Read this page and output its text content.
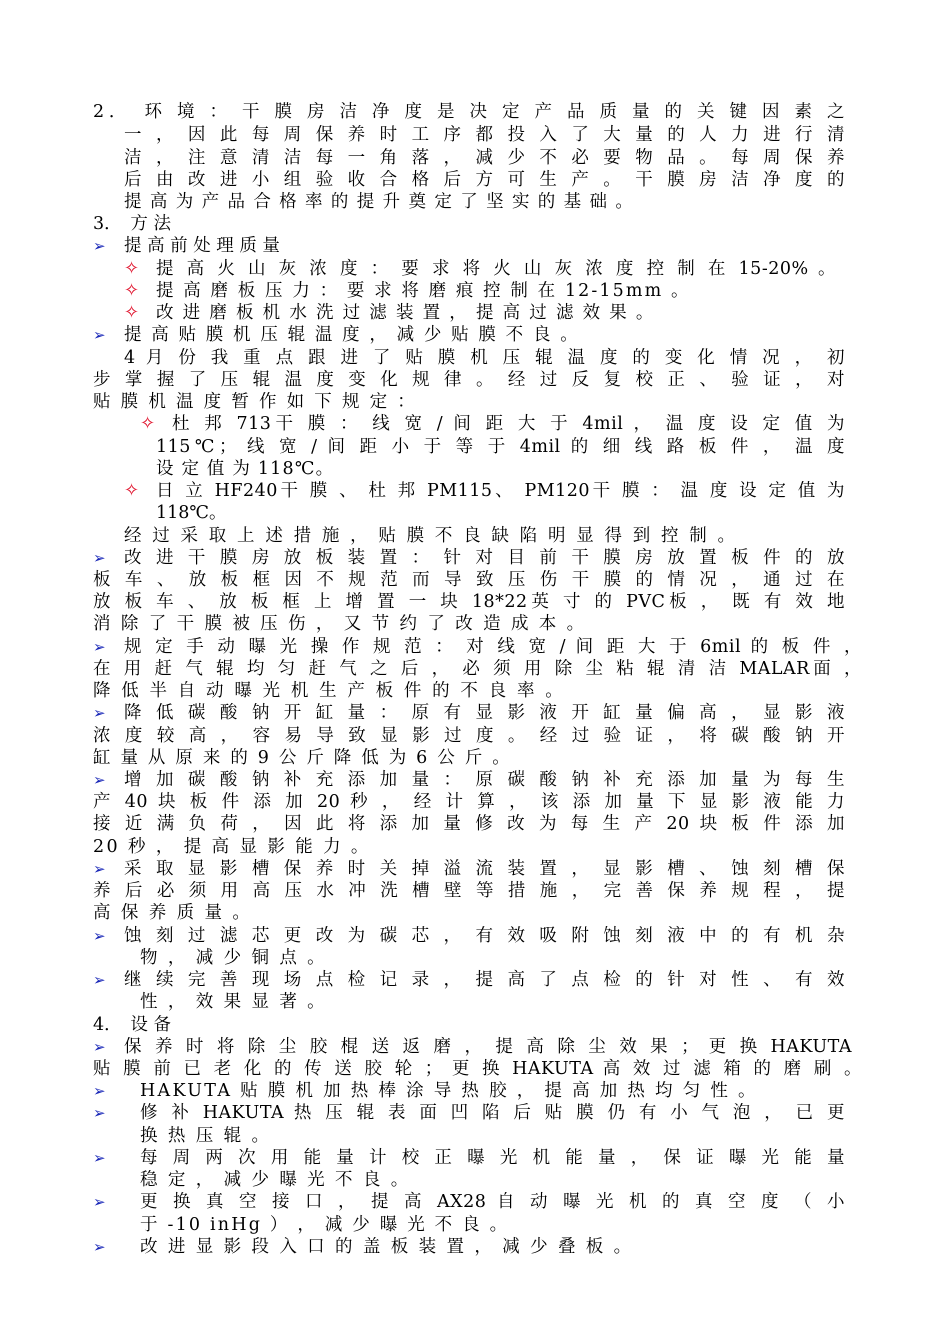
2．　环 境 ： 干 膜 房 洁 净 度 是 决 定 产 品 质 量 的 关 键 因 素 之
一 ， 因 此 每 周 保 养 时 工 序 都 投 入 了 大 量 的 人 力 进 行 清
洁 ， 注 意 清 洁 每 一 角 落 ， 减 少 不 必 要 物 品 。 每 周 保 养
后 由 改 进 小 组 验 收 合 格 后 方 可 生 产 。 干 膜 房 洁 净 度 的
提 高 为 产 品 合 格 率 的 提 升 奠 定 了 坚 实 的 基 础 。
3．　方 法

➢

提 高 前 处 理 质 量

✧

提 高 火 山 灰 浓 度 ： 要 求 将 火 山 灰 浓 度 控 制 在 15-20% 。

✧

提 高 磨 板 压 力 ： 要 求 将 磨 痕 控 制 在 12-15mm 。

✧

改 进 磨 板 机 水 洗 过 滤 装 置 ， 提 高 过 滤 效 果 。

➢

提 高 贴 膜 机 压 辊 温 度 ， 减 少 贴 膜 不 良 。

4 月 份 我 重 点 跟 进 了 贴 膜 机 压 辊 温 度 的 变 化 情 况 ， 初
步 掌 握 了 压 辊 温 度 变 化 规 律 。 经 过 反 复 校 正 、 验 证 ， 对
贴 膜 机 温 度 暂 作 如 下 规 定 ：

✧

杜 邦 713干 膜 ： 线 宽 / 间 距 大 于 4mil ， 温 度 设 定 值 为

115℃； 线 宽 / 间 距 小 于 等 于 4mil 的 细 线 路 板 件 ， 温 度
设 定 值 为 118℃。

✧

日 立 HF240干 膜 、 杜 邦 PM115、 PM120干 膜 ： 温 度 设 定 值 为

118℃。
经 过 采 取 上 述 措 施 ， 贴 膜 不 良 缺 陷 明 显 得 到 控 制 。

➢

改 进 干 膜 房 放 板 装 置 ： 针 对 目 前 干 膜 房 放 置 板 件 的 放

板 车 、 放 板 框 因 不 规 范 而 导 致 压 伤 干 膜 的 情 况 ， 通 过 在
放 板 车 、 放 板 框 上 增 置 一 块 18*22英 寸 的 PVC板 ， 既 有 效 地
消 除 了 干 膜 被 压 伤 ， 又 节 约 了 改 造 成 本 。

➢

规 定 手 动 曝 光 操 作 规 范 ： 对 线 宽 / 间 距 大 于 6mil 的 板 件 ，

在 用 赶 气 辊 均 匀 赶 气 之 后 ， 必 须 用 除 尘 粘 辊 清 洁 MALAR面 ，
降 低 半 自 动 曝 光 机 生 产 板 件 的 不 良 率 。

➢

降 低 碳 酸 钠 开 缸 量 ： 原 有 显 影 液 开 缸 量 偏 高 ， 显 影 液

浓 度 较 高 ， 容 易 导 致 显 影 过 度 。 经 过 验 证 ， 将 碳 酸 钠 开
缸 量 从 原 来 的 9 公 斤 降 低 为 6 公 斤 。

➢

增 加 碳 酸 钠 补 充 添 加 量 ： 原 碳 酸 钠 补 充 添 加 量 为 每 生

产 40 块 板 件 添 加 20 秒 ， 经 计 算 ， 该 添 加 量 下 显 影 液 能 力
接 近 满 负 荷 ， 因 此 将 添 加 量 修 改 为 每 生 产 20 块 板 件 添 加
20 秒 ， 提 高 显 影 能 力 。

➢

采 取 显 影 槽 保 养 时 关 掉 溢 流 装 置 ， 显 影 槽 、 蚀 刻 槽 保

养 后 必 须 用 高 压 水 冲 洗 槽 壁 等 措 施 ， 完 善 保 养 规 程 ， 提
高 保 养 质 量 。

➢

蚀 刻 过 滤 芯 更 改 为 碳 芯 ， 有 效 吸 附 蚀 刻 液 中 的 有 机 杂

物 ， 减 少 铜 点 。

➢

继 续 完 善 现 场 点 检 记 录 ， 提 高 了 点 检 的 针 对 性 、 有 效

性 ， 效 果 显 著 。
4．　设 备

➢

保 养 时 将 除 尘 胶 棍 送 返 磨 ， 提 高 除 尘 效 果 ； 更 换 HAKUTA

贴 膜 前 已 老 化 的 传 送 胶 轮 ； 更 换 HAKUTA 高 效 过 滤 箱 的 磨 刷 。

➢

HAKUTA 贴 膜 机 加 热 棒 涂 导 热 胶 ， 提 高 加 热 均 匀 性 。

➢

修 补 HAKUTA 热 压 辊 表 面 凹 陷 后 贴 膜 仍 有 小 气 泡 ， 已 更

换 热 压 辊 。

➢

每 周 两 次 用 能 量 计 校 正 曝 光 机 能 量 ， 保 证 曝 光 能 量

稳 定 ， 减 少 曝 光 不 良 。

➢

更 换 真 空 接 口 ， 提 高 AX28 自 动 曝 光 机 的 真 空 度 （ 小

于 -10 inHg ） ， 减 少 曝 光 不 良 。

➢

改 进 显 影 段 入 口 的 盖 板 装 置 ， 减 少 叠 板 。
